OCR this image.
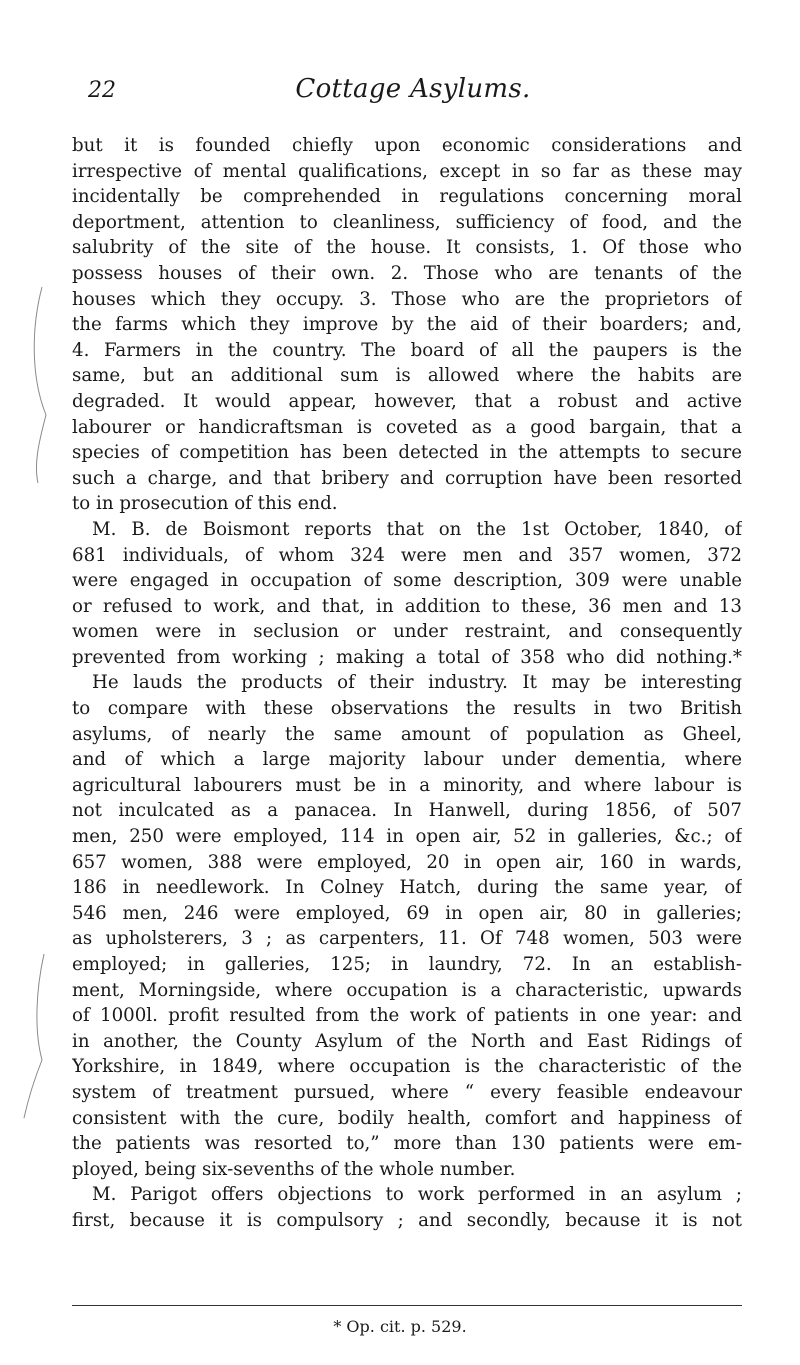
22	Cottage Asylums.
but it is founded chiefly upon economic considerations and
irrespective of mental qualifications, except in so far as these may
incidentally be comprehended in regulations concerning moral
deportment, attention to cleanliness, sufficiency of food, and the
salubrity of the site of the house. It consists, 1. Of those who
possess houses of their own. 2. Those who are tenants of the
houses which they occupy. 3. Those who are the proprietors of
the farms which they improve by the aid of their boarders; and,
4. Farmers in the country. The board of all the paupers is the
same, but an additional sum is allowed where the habits are
degraded. It would appear, however, that a robust and active
labourer or handicraftsman is coveted as a good bargain, that a
species of competition has been detected in the attempts to secure
such a charge, and that bribery and corruption have been resorted
to in prosecution of this end.
M. B. de Boismont reports that on the 1st October, 1840, of
681 individuals, of whom 324 were men and 357 women, 372
were engaged in occupation of some description, 309 were unable
or refused to work, and that, in addition to these, 36 men and 13
women were in seclusion or under restraint, and consequently
prevented from working ; making a total of 358 who did nothing.*
He lauds the products of their industry. It may be interesting
to compare with these observations the results in two British
asylums, of nearly the same amount of population as Gheel,
and of which a large majority labour under dementia, where
agricultural labourers must be in a minority, and where labour is
not inculcated as a panacea. In Hanwell, during 1856, of 507
men, 250 were employed, 114 in open air, 52 in galleries, &c.; of
657 women, 388 were employed, 20 in open air, 160 in wards,
186 in needlework. In Colney Hatch, during the same year, of
546 men, 246 were employed, 69 in open air, 80 in galleries;
as upholsterers, 3 ; as carpenters, 11. Of 748 women, 503 were
employed; in galleries, 125; in laundry, 72. In an establish-
ment, Morningside, where occupation is a characteristic, upwards
of 1000l. profit resulted from the work of patients in one year: and
in another, the County Asylum of the North and East Ridings of
Yorkshire, in 1849, where occupation is the characteristic of the
system of treatment pursued, where “ every feasible endeavour
consistent with the cure, bodily health, comfort and happiness of
the patients was resorted to,” more than 130 patients were em-
ployed, being six-sevenths of the whole number.
M. Parigot offers objections to work performed in an asylum ;
first, because it is compulsory ; and secondly, because it is not
* Op. cit. p. 529.
